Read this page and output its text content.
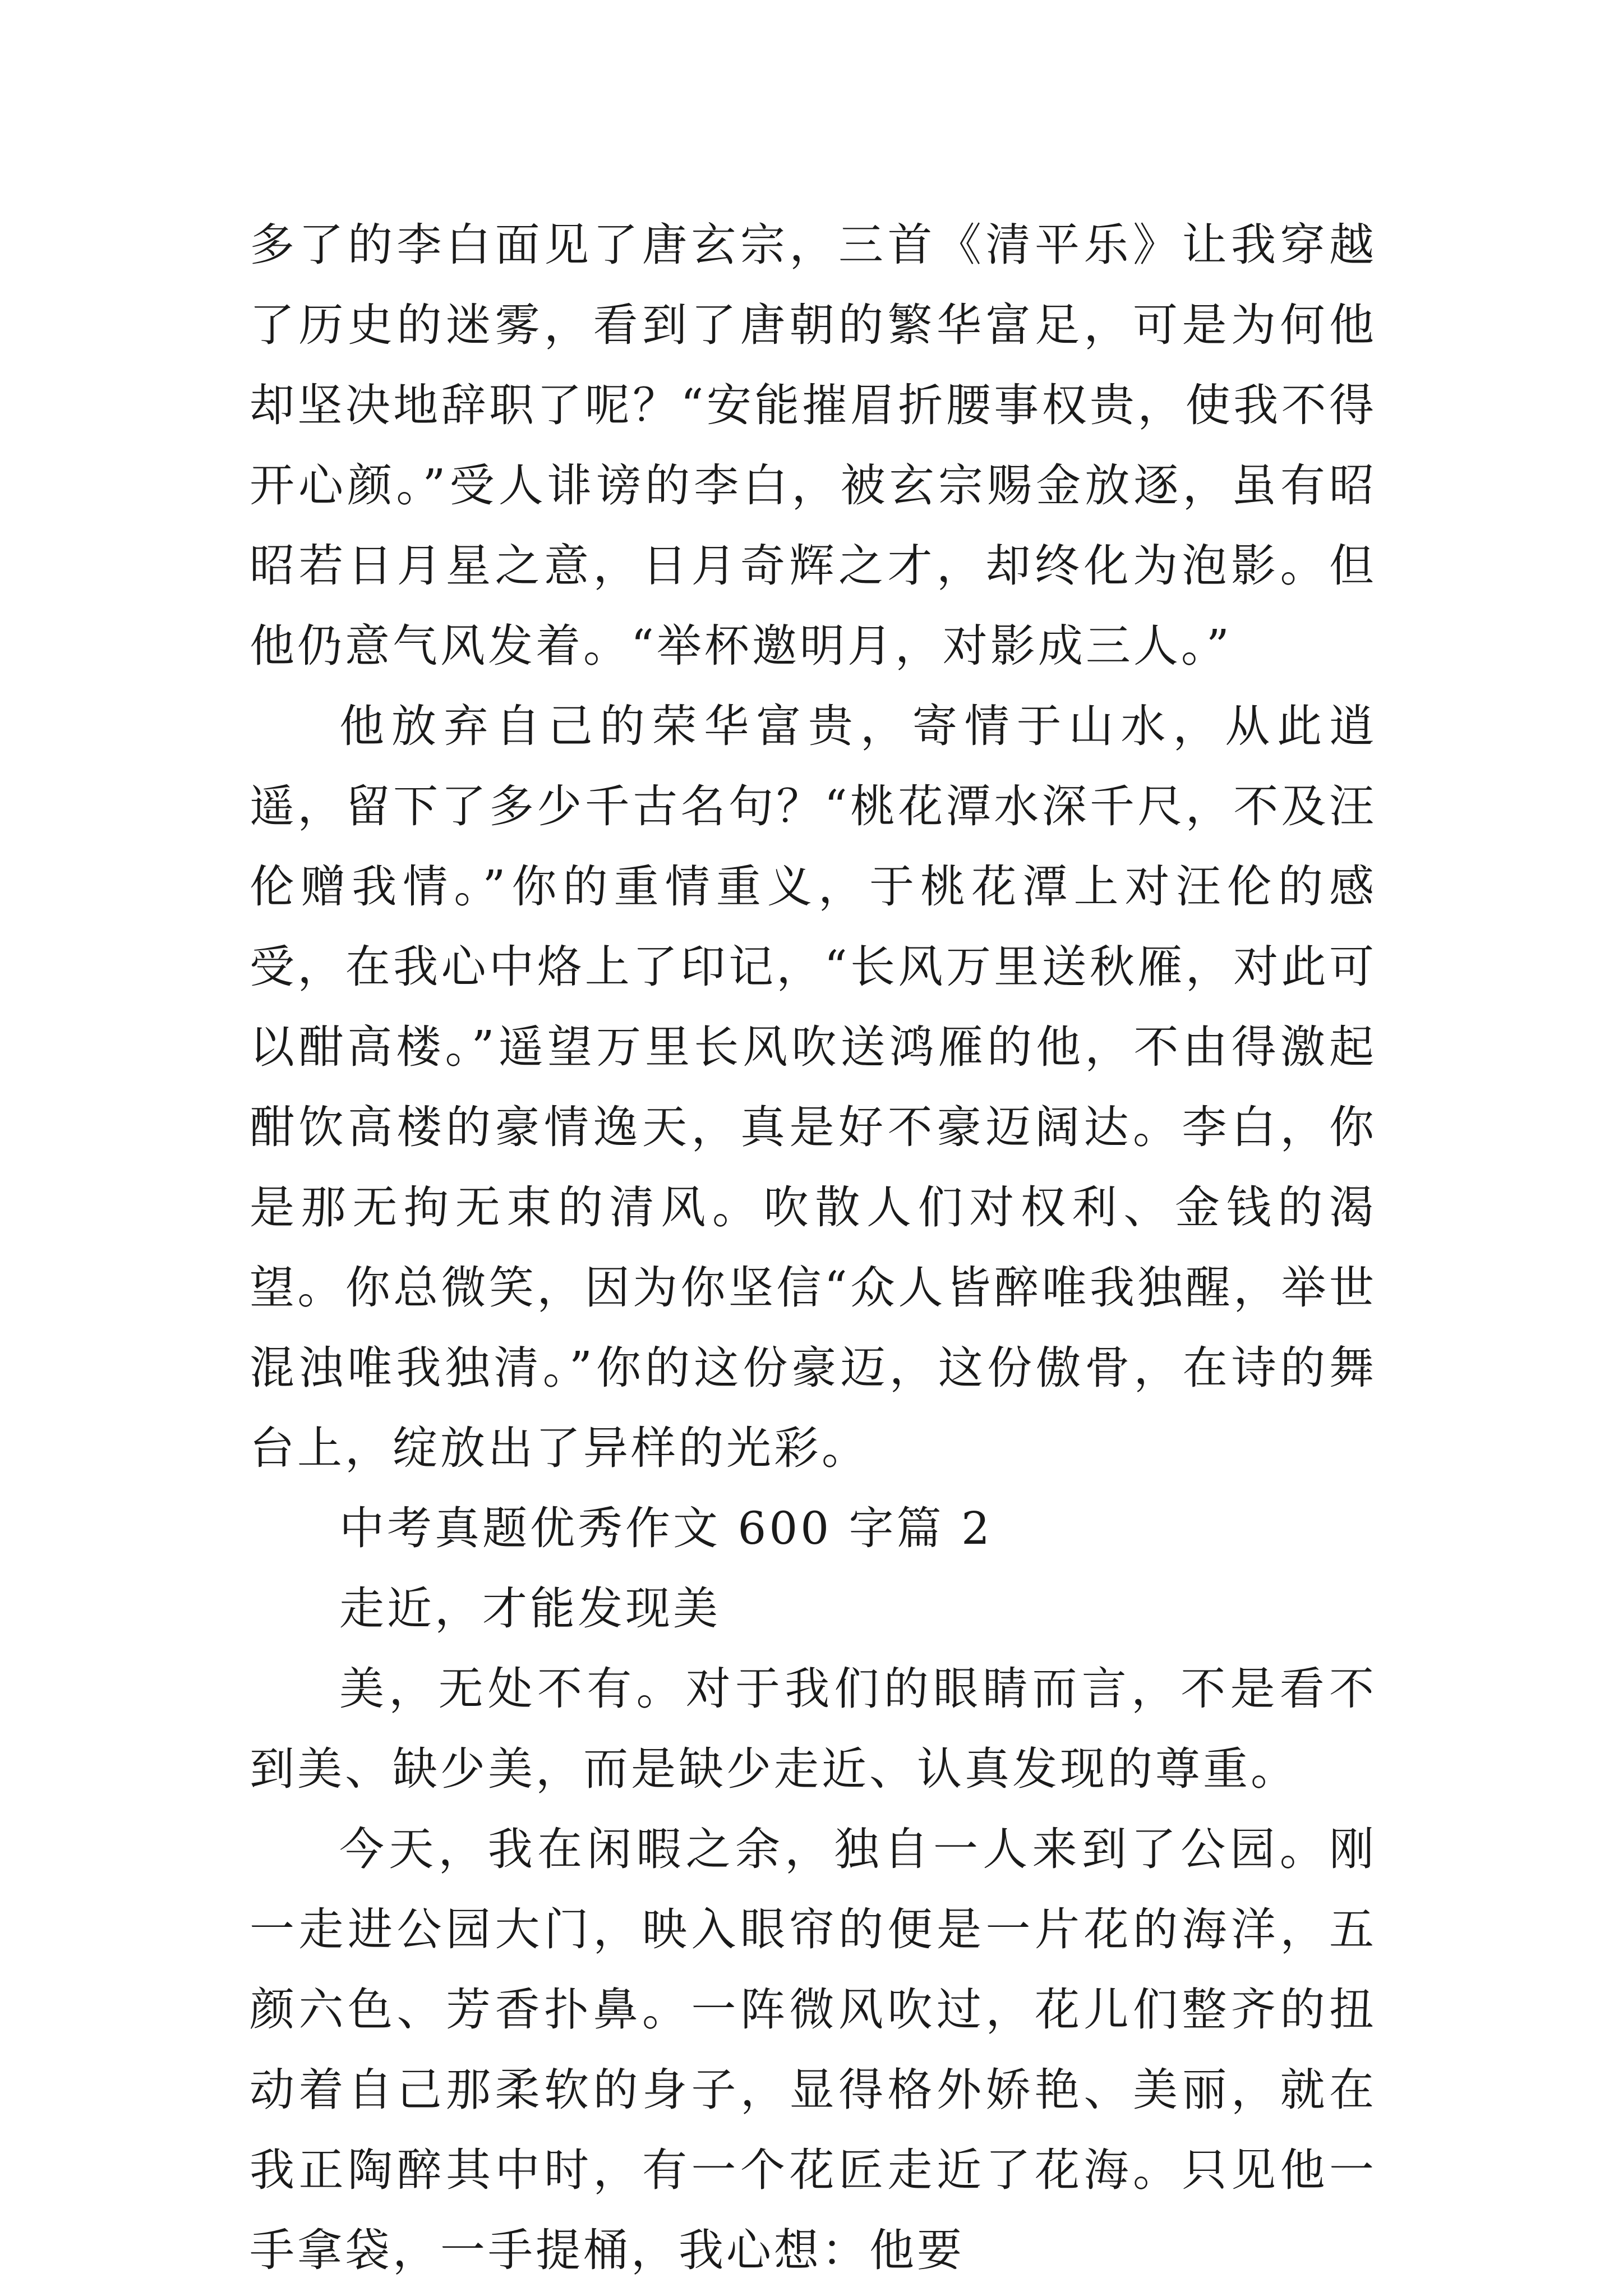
多了的李白面见了唐玄宗，三首《清平乐》让我穿越了历史的迷雾，看到了唐朝的繁华富足，可是为何他却坚决地辞职了呢？“安能摧眉折腰事权贵，使我不得开心颜。”受人诽谤的李白，被玄宗赐金放逐，虽有昭昭若日月星之意，日月奇辉之才，却终化为泡影。但他仍意气风发着。“举杯邀明月，对影成三人。”

他放弃自己的荣华富贵，寄情于山水，从此逍遥，留下了多少千古名句？“桃花潭水深千尺，不及汪伦赠我情。”你的重情重义，于桃花潭上对汪伦的感受，在我心中烙上了印记，“长风万里送秋雁，对此可以酣高楼。”遥望万里长风吹送鸿雁的他，不由得激起酣饮高楼的豪情逸天，真是好不豪迈阔达。李白，你是那无拘无束的清风。吹散人们对权利、金钱的渴望。你总微笑，因为你坚信“众人皆醉唯我独醒，举世混浊唯我独清。”你的这份豪迈，这份傲骨，在诗的舞台上，绽放出了异样的光彩。

中考真题优秀作文 600 字篇 2

走近，才能发现美

美，无处不有。对于我们的眼睛而言，不是看不到美、缺少美，而是缺少走近、认真发现的尊重。

今天，我在闲暇之余，独自一人来到了公园。刚一走进公园大门，映入眼帘的便是一片花的海洋，五颜六色、芳香扑鼻。一阵微风吹过，花儿们整齐的扭动着自己那柔软的身子，显得格外娇艳、美丽，就在我正陶醉其中时，有一个花匠走近了花海。只见他一手拿袋，一手提桶，我心想：他要
